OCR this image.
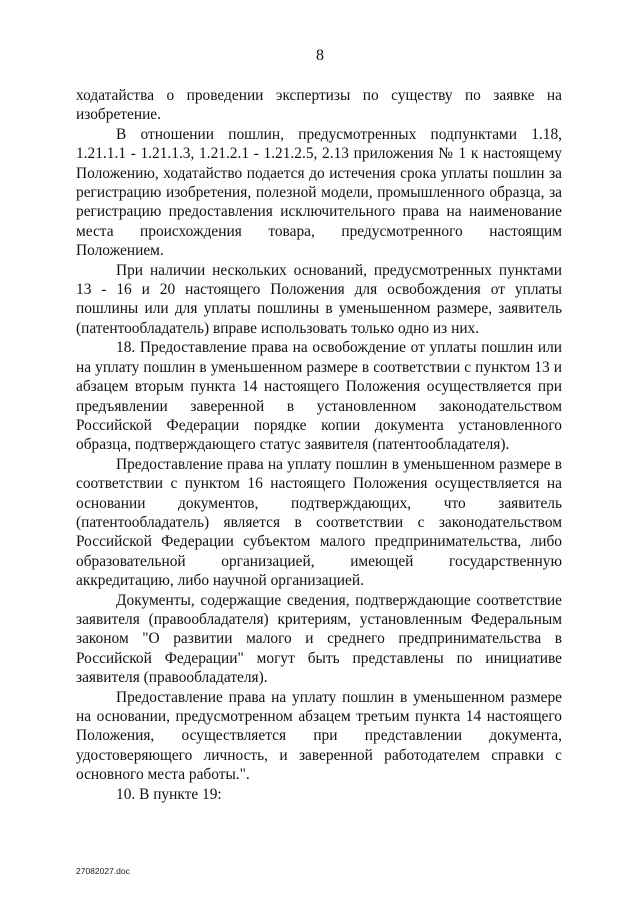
8

ходатайства о проведении экспертизы по существу по заявке на изобретение.

В отношении пошлин, предусмотренных подпунктами 1.18, 1.21.1.1 - 1.21.1.3, 1.21.2.1 - 1.21.2.5, 2.13 приложения № 1 к настоящему Положению, ходатайство подается до истечения срока уплаты пошлин за регистрацию изобретения, полезной модели, промышленного образца, за регистрацию предоставления исключительного права на наименование места происхождения товара, предусмотренного настоящим Положением.

При наличии нескольких оснований, предусмотренных пунктами 13 - 16 и 20 настоящего Положения для освобождения от уплаты пошлины или для уплаты пошлины в уменьшенном размере, заявитель (патентообладатель) вправе использовать только одно из них.

18. Предоставление права на освобождение от уплаты пошлин или на уплату пошлин в уменьшенном размере в соответствии с пунктом 13 и абзацем вторым пункта 14 настоящего Положения осуществляется при предъявлении заверенной в установленном законодательством Российской Федерации порядке копии документа установленного образца, подтверждающего статус заявителя (патентообладателя).

Предоставление права на уплату пошлин в уменьшенном размере в соответствии с пунктом 16 настоящего Положения осуществляется на основании документов, подтверждающих, что заявитель (патентообладатель) является в соответствии с законодательством Российской Федерации субъектом малого предпринимательства, либо образовательной организацией, имеющей государственную аккредитацию, либо научной организацией.

Документы, содержащие сведения, подтверждающие соответствие заявителя (правообладателя) критериям, установленным Федеральным законом "О развитии малого и среднего предпринимательства в Российской Федерации" могут быть представлены по инициативе заявителя (правообладателя).

Предоставление права на уплату пошлин в уменьшенном размере на основании, предусмотренном абзацем третьим пункта 14 настоящего Положения, осуществляется при представлении документа, удостоверяющего личность, и заверенной работодателем справки с основного места работы.".

10. В пункте 19:

27082027.doc
